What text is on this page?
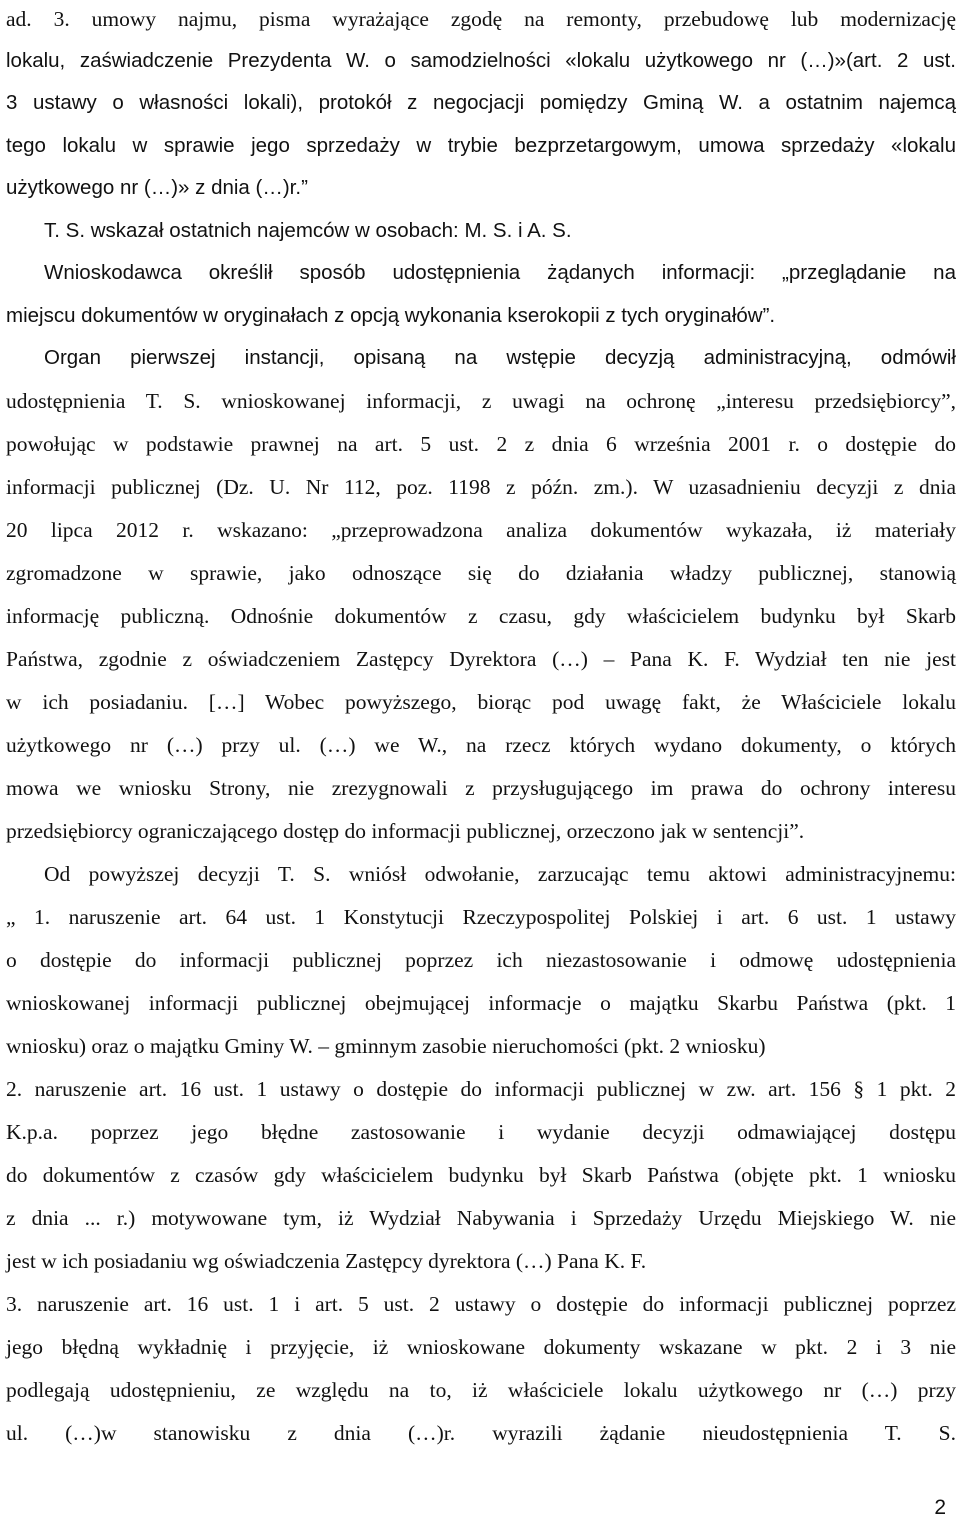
ad. 3. umowy najmu, pisma wyrażające zgodę na remonty, przebudowę lub modernizację
lokalu, zaświadczenie Prezydenta W. o samodzielności «lokalu użytkowego nr (…)»(art. 2 ust.
3 ustawy o własności lokali), protokół z negocjacji pomiędzy Gminą W. a ostatnim najemcą
tego lokalu w sprawie jego sprzedaży w trybie bezprzetargowym, umowa sprzedaży «lokalu
użytkowego nr (…)» z dnia (…)r.”
T. S. wskazał ostatnich najemców w osobach: M. S. i A. S.
Wnioskodawca określił sposób udostępnienia żądanych informacji: „przeglądanie na
miejscu dokumentów w oryginałach z opcją wykonania kserokopii z tych oryginałów”.
Organ pierwszej instancji, opisaną na wstępie decyzją administracyjną, odmówił
udostępnienia T. S. wnioskowanej informacji, z uwagi na ochronę „interesu przedsiębiorcy”,
powołując w podstawie prawnej na art. 5 ust. 2 z dnia 6 września 2001 r. o dostępie do
informacji publicznej (Dz. U. Nr 112, poz. 1198 z późn. zm.). W uzasadnieniu decyzji z dnia
20 lipca 2012 r. wskazano: „przeprowadzona analiza dokumentów wykazała, iż materiały
zgromadzone w sprawie, jako odnoszące się do działania władzy publicznej, stanowią
informację publiczną. Odnośnie dokumentów z czasu, gdy właścicielem budynku był Skarb
Państwa, zgodnie z oświadczeniem Zastępcy Dyrektora (…) – Pana K. F. Wydział ten nie jest
w ich posiadaniu. […] Wobec powyższego, biorąc pod uwagę fakt, że Właściciele lokalu
użytkowego nr (…) przy ul. (…) we W., na rzecz których wydano dokumenty, o których
mowa we wniosku Strony, nie zrezygnowali z przysługującego im prawa do ochrony interesu
przedsiębiorcy ograniczającego dostęp do informacji publicznej, orzeczono jak w sentencji”.
Od powyższej decyzji T. S. wniósł odwołanie, zarzucając temu aktowi administracyjnemu:
„ 1. naruszenie art. 64 ust. 1 Konstytucji Rzeczypospolitej Polskiej i art. 6 ust. 1 ustawy
o dostępie do informacji publicznej poprzez ich niezastosowanie i odmowę udostępnienia
wnioskowanej informacji publicznej obejmującej informacje o majątku Skarbu Państwa (pkt. 1
wniosku) oraz o majątku Gminy W. – gminnym zasobie nieruchomości (pkt. 2 wniosku)
2. naruszenie art. 16 ust. 1 ustawy o dostępie do informacji publicznej w zw. art. 156 § 1 pkt. 2
K.p.a. poprzez jego błędne zastosowanie i wydanie decyzji odmawiającej dostępu
do dokumentów z czasów gdy właścicielem budynku był Skarb Państwa (objęte pkt. 1 wniosku
z dnia ... r.) motywowane tym, iż Wydział Nabywania i Sprzedaży Urzędu Miejskiego W. nie
jest w ich posiadaniu wg oświadczenia Zastępcy dyrektora (…) Pana K. F.
3. naruszenie art. 16 ust. 1 i art. 5 ust. 2 ustawy o dostępie do informacji publicznej poprzez
jego błędną wykładnię i przyjęcie, iż wnioskowane dokumenty wskazane w pkt. 2 i 3 nie
podlegają udostępnieniu, ze względu na to, iż właściciele lokalu użytkowego nr (…) przy
ul. (…)w stanowisku z dnia (…)r. wyrazili żądanie nieudostępnienia T. S.
2
